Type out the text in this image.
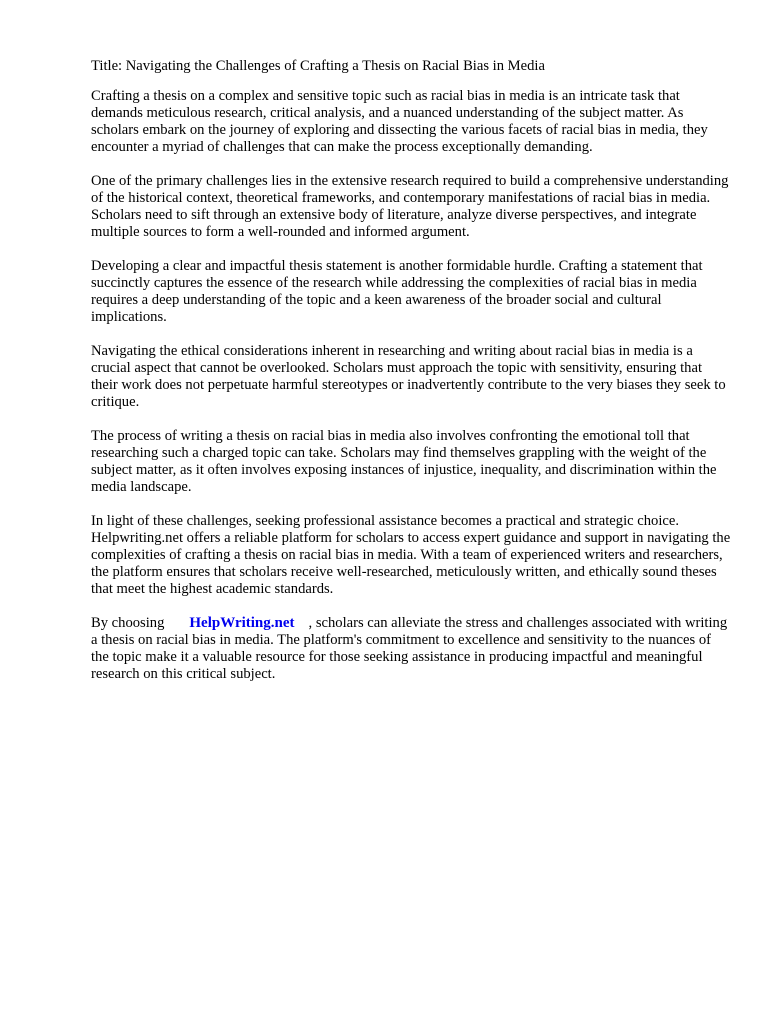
Title: Navigating the Challenges of Crafting a Thesis on Racial Bias in Media

Crafting a thesis on a complex and sensitive topic such as racial bias in media is an intricate task that demands meticulous research, critical analysis, and a nuanced understanding of the subject matter. As scholars embark on the journey of exploring and dissecting the various facets of racial bias in media, they encounter a myriad of challenges that can make the process exceptionally demanding.

One of the primary challenges lies in the extensive research required to build a comprehensive understanding of the historical context, theoretical frameworks, and contemporary manifestations of racial bias in media. Scholars need to sift through an extensive body of literature, analyze diverse perspectives, and integrate multiple sources to form a well-rounded and informed argument.

Developing a clear and impactful thesis statement is another formidable hurdle. Crafting a statement that succinctly captures the essence of the research while addressing the complexities of racial bias in media requires a deep understanding of the topic and a keen awareness of the broader social and cultural implications.

Navigating the ethical considerations inherent in researching and writing about racial bias in media is a crucial aspect that cannot be overlooked. Scholars must approach the topic with sensitivity, ensuring that their work does not perpetuate harmful stereotypes or inadvertently contribute to the very biases they seek to critique.

The process of writing a thesis on racial bias in media also involves confronting the emotional toll that researching such a charged topic can take. Scholars may find themselves grappling with the weight of the subject matter, as it often involves exposing instances of injustice, inequality, and discrimination within the media landscape.

In light of these challenges, seeking professional assistance becomes a practical and strategic choice. Helpwriting.net offers a reliable platform for scholars to access expert guidance and support in navigating the complexities of crafting a thesis on racial bias in media. With a team of experienced writers and researchers, the platform ensures that scholars receive well-researched, meticulously written, and ethically sound theses that meet the highest academic standards.

By choosing HelpWriting.net , scholars can alleviate the stress and challenges associated with writing a thesis on racial bias in media. The platform's commitment to excellence and sensitivity to the nuances of the topic make it a valuable resource for those seeking assistance in producing impactful and meaningful research on this critical subject.
